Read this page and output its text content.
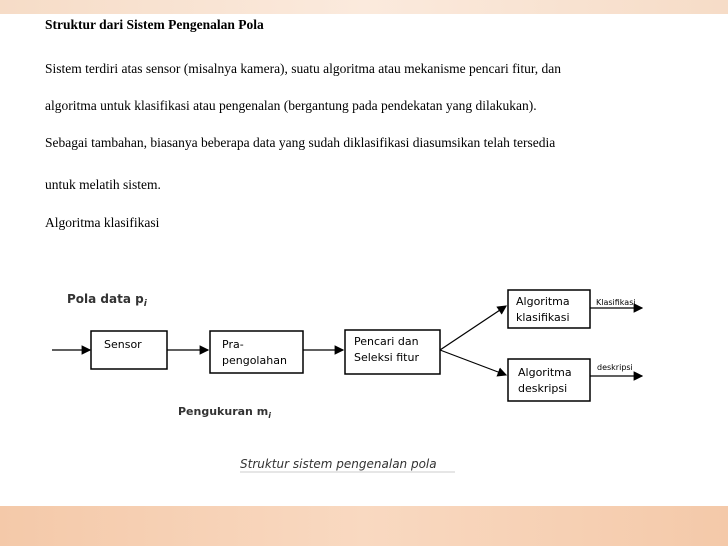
Struktur dari Sistem Pengenalan Pola
Sistem terdiri atas sensor (misalnya kamera), suatu algoritma atau mekanisme pencari fitur, dan
algoritma untuk klasifikasi atau pengenalan (bergantung pada pendekatan yang dilakukan).
Sebagai tambahan, biasanya beberapa data yang sudah diklasifikasi diasumsikan telah tersedia
untuk melatih sistem.
Algoritma klasifikasi
Pola data $p_i$
Sensor	Pra-
pengolahan
Pencari dan
Seleksi fitur
Algoritma
klasifikasi
Algoritma
deskripsi
Klasifikasi
deskripsi
Pengukuran $m_i$
Struktur sistem pengenalan pola
